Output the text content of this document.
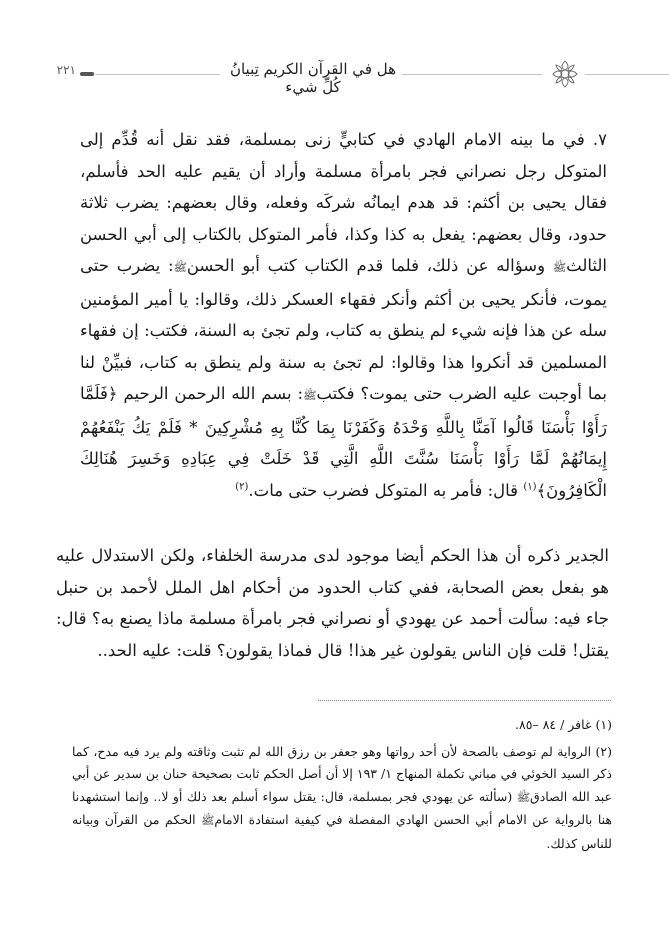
هل في القرآن الكريم تِبيانُ كُلِّ شيء
٢٢١
٧. في ما بينه الامام الهادي في كتابيٍّ زنى بمسلمة، فقد نقل أنه قُدِّم إلى المتوكل رجل نصراني فجر بامرأة مسلمة وأراد أن يقيم عليه الحد فأسلم، فقال يحيى بن أكثم: قد هدم ايمانُه شركَه وفعله، وقال بعضهم: يضرب ثلاثة حدود، وقال بعضهم: يفعل به كذا وكذا، فأمر المتوكل بالكتاب إلى أبي الحسن الثالثﷺ وسؤاله عن ذلك، فلما قدم الكتاب كتب أبو الحسنﷺ: يضرب حتى يموت، فأنكر يحيى بن أكثم وأنكر فقهاء العسكر ذلك، وقالوا: يا أمير المؤمنين سله عن هذا فإنه شيء لم ينطق به كتاب، ولم تجئ به السنة، فكتب: إن فقهاء المسلمين قد أنكروا هذا وقالوا: لم تجئ به سنة ولم ينطق به كتاب، فبيِّنْ لنا بما أوجبت عليه الضرب حتى يموت؟ فكتبﷺ: بسم الله الرحمن الرحيم ﴿فَلَمَّا رَأَوْا بَأْسَنَا قَالُوا آمَنَّا بِاللَّهِ وَحْدَهُ وَكَفَرْنَا بِمَا كُنَّا بِهِ مُشْرِكِينَ * فَلَمْ يَكُ يَنْفَعُهُمْ إِيمَانُهُمْ لَمَّا رَأَوْا بَأْسَنَا سُنَّتَ اللَّهِ الَّتِي قَدْ خَلَتْ فِي عِبَادِهِ وَخَسِرَ هُنَالِكَ الْكَافِرُونَ﴾$^{(١)}$ قال: فأمر به المتوكل فضرب حتى مات.$^{(٢)}$
الجدير ذكره أن هذا الحكم أيضا موجود لدى مدرسة الخلفاء، ولكن الاستدلال عليه هو بفعل بعض الصحابة، ففي كتاب الحدود من أحكام اهل الملل لأحمد بن حنبل جاء فيه: سألت أحمد عن يهودي أو نصراني فجر بامرأة مسلمة ماذا يصنع به؟ قال: يقتل! قلت فإن الناس يقولون غير هذا! قال فماذا يقولون؟ قلت: عليه الحد..
(١) غافر / ٨٤ –٨٥.
(٢) الرواية لم توصف بالصحة لأن أحد رواتها وهو جعفر بن رزق الله لم تثبت وثاقته ولم يرد فيه مدح، كما ذكر السيد الخوئي في مباني تكملة المنهاج ١/ ١٩٣ إلا أن أصل الحكم ثابت بصحيحة حنان بن سدير عن أبي عبد الله الصادقﷺ (سألته عن يهودي فجر بمسلمة، قال: يقتل سواء أسلم بعد ذلك أو لا.. وإنما استشهدنا هنا بالرواية عن الامام أبي الحسن الهادي المفصلة في كيفية استفادة الامامﷺ الحكم من القرآن وبيانه للناس كذلك.
